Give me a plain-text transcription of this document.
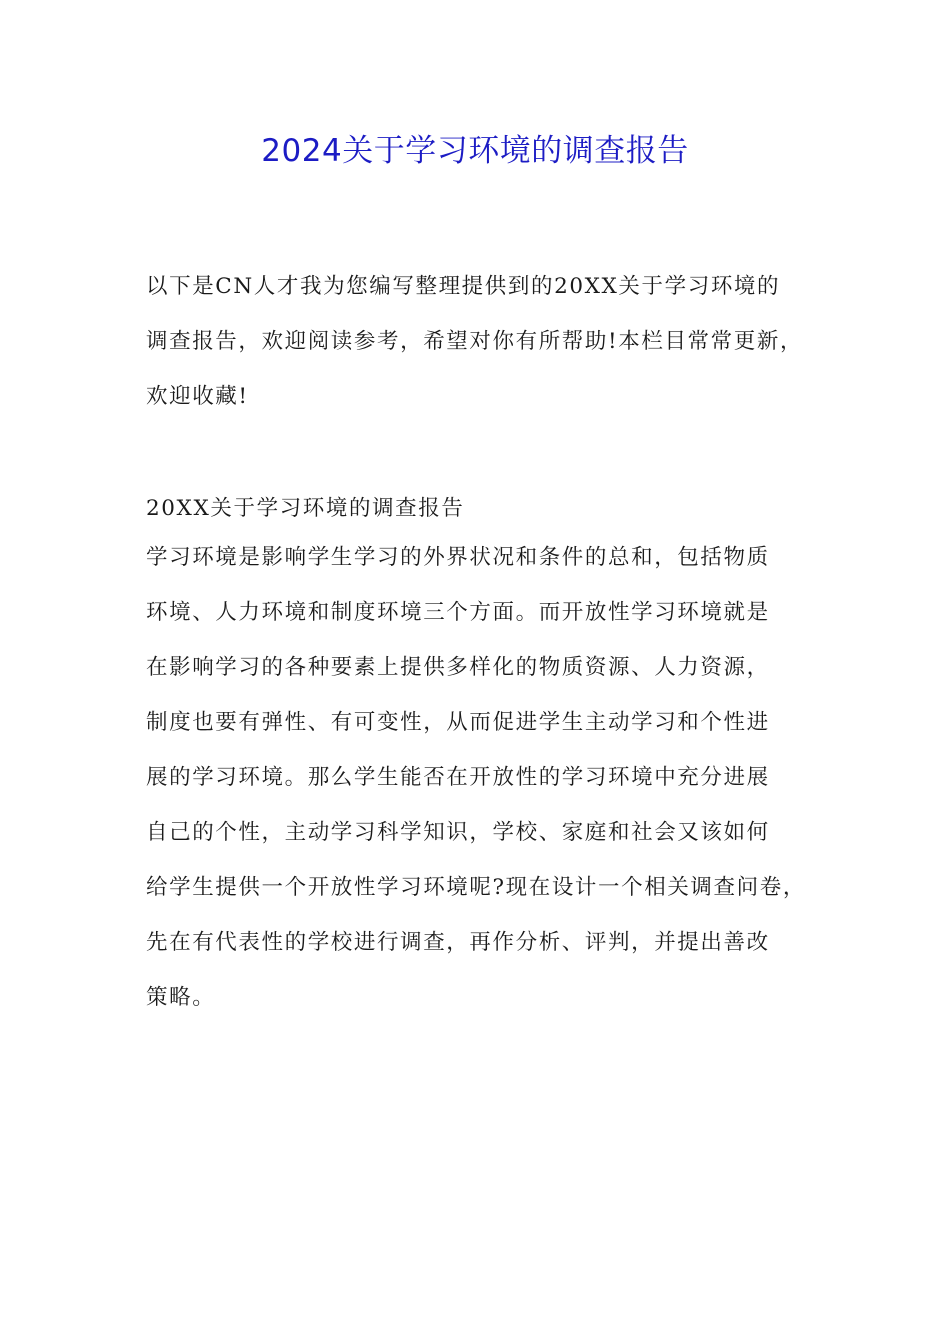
2024关于学习环境的调查报告
以下是CN人才我为您编写整理提供到的20XX关于学习环境的
调查报告，欢迎阅读参考，希望对你有所帮助!本栏目常常更新，
欢迎收藏!
20XX关于学习环境的调查报告
学习环境是影响学生学习的外界状况和条件的总和，包括物质
环境、人力环境和制度环境三个方面。而开放性学习环境就是
在影响学习的各种要素上提供多样化的物质资源、人力资源，
制度也要有弹性、有可变性，从而促进学生主动学习和个性进
展的学习环境。那么学生能否在开放性的学习环境中充分进展
自己的个性，主动学习科学知识，学校、家庭和社会又该如何
给学生提供一个开放性学习环境呢?现在设计一个相关调查问卷，
先在有代表性的学校进行调查，再作分析、评判，并提出善改
策略。
